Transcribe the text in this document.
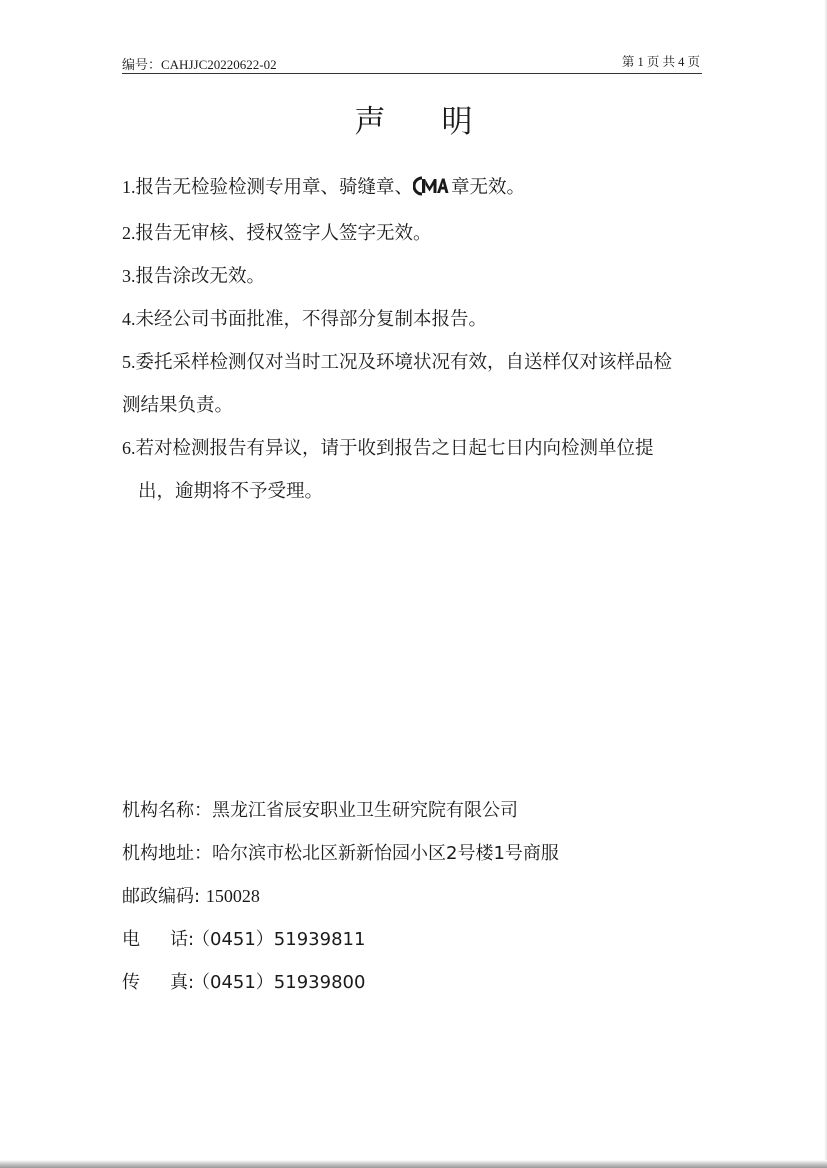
编号：CAHJJC20220622-02	第 1 页 共 4 页
声明
1.报告无检验检测专用章、骑缝章、 章无效。
2.报告无审核、授权签字人签字无效。
3.报告涂改无效。
4.未经公司书面批准，不得部分复制本报告。
5.委托采样检测仅对当时工况及环境状况有效，自送样仅对该样品检
测结果负责。
6.若对检测报告有异议，请于收到报告之日起七日内向检测单位提
出，逾期将不予受理。
机构名称：黑龙江省辰安职业卫生研究院有限公司
机构地址：哈尔滨市松北区新新怡园小区2号楼1号商服
邮政编码: 150028
电 话:（0451）51939811
传 真:（0451）51939800
